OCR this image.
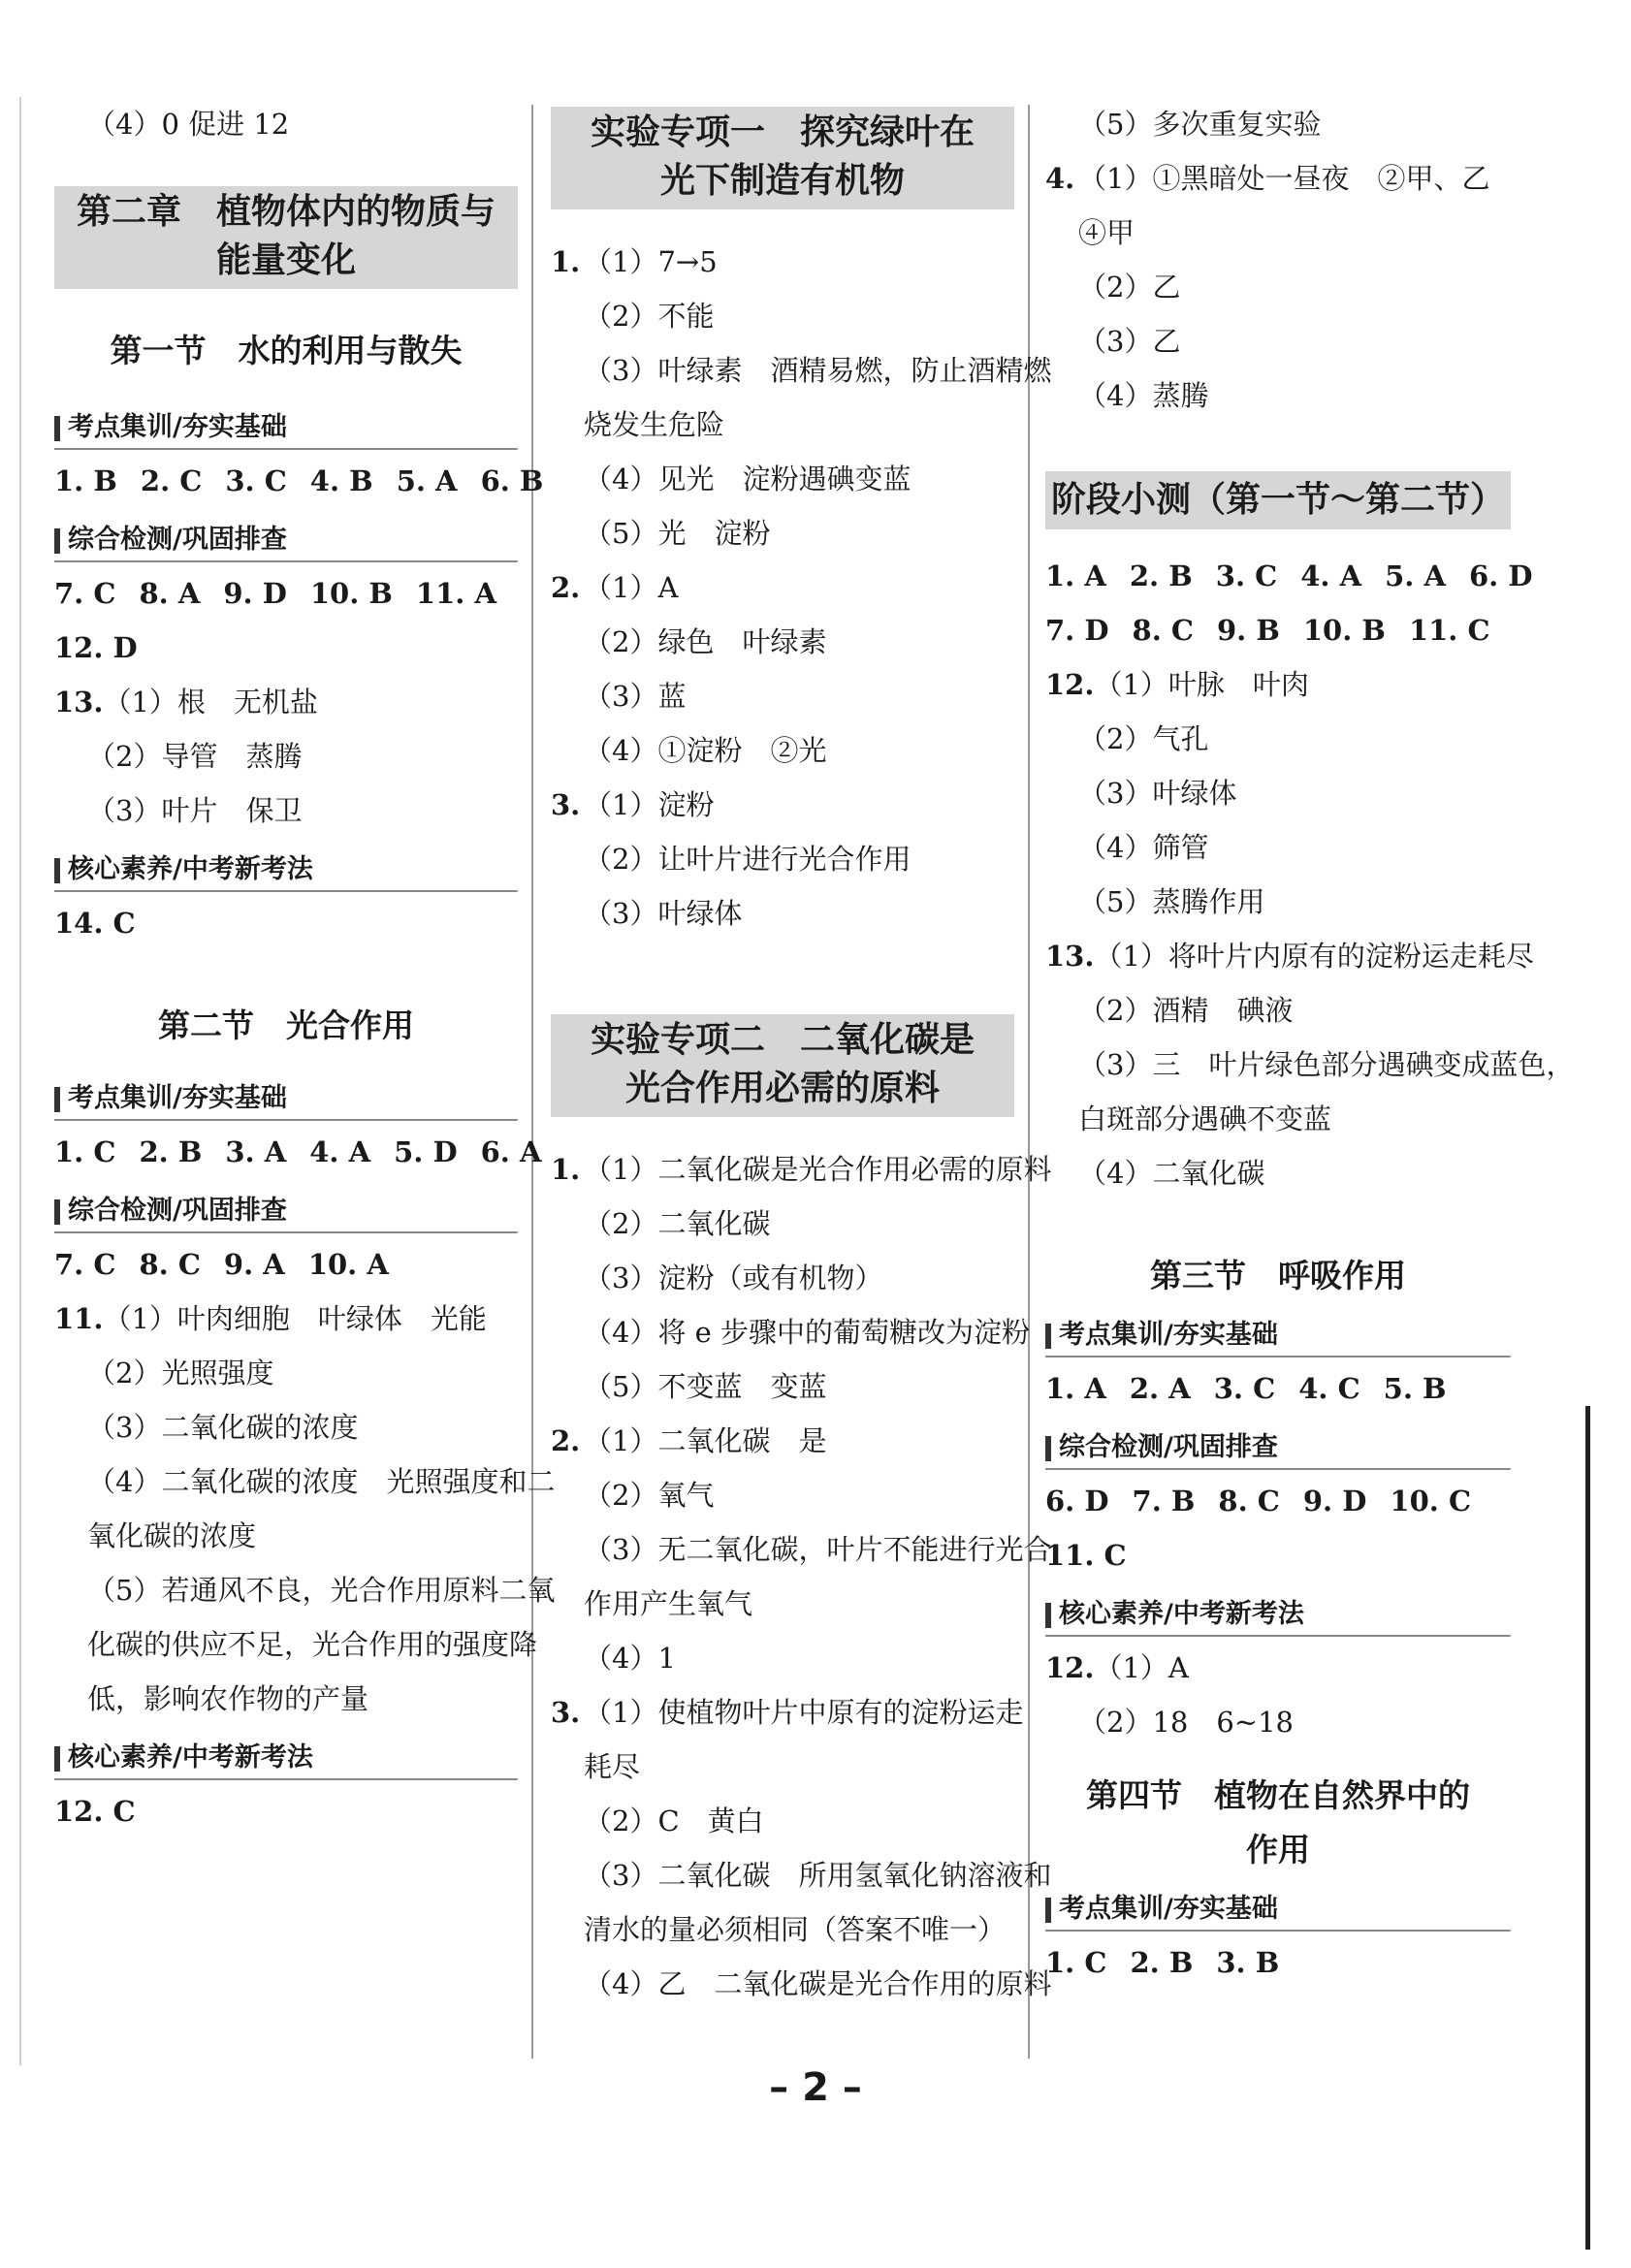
（4）0 促进 12
第二章　植物体内的物质与
能量变化
第一节　水的利用与散失
考点集训/夯实基础
1. B 2. C 3. C 4. B 5. A 6. B
综合检测/巩固排查
7. C 8. A 9. D 10. B 11. A
12. D
13.（1）根　无机盐
（2）导管　蒸腾
（3）叶片　保卫
核心素养/中考新考法
14. C
第二节　光合作用
考点集训/夯实基础
1. C 2. B 3. A 4. A 5. D 6. A
综合检测/巩固排查
7. C 8. C 9. A 10. A
11.（1）叶肉细胞　叶绿体　光能
（2）光照强度
（3）二氧化碳的浓度
（4）二氧化碳的浓度　光照强度和二
氧化碳的浓度
（5）若通风不良，光合作用原料二氧
化碳的供应不足，光合作用的强度降
低，影响农作物的产量
核心素养/中考新考法
12. C
实验专项一　探究绿叶在
光下制造有机物
1. （1）7→5
（2）不能
（3）叶绿素　酒精易燃，防止酒精燃
烧发生危险
（4）见光　淀粉遇碘变蓝
（5）光　淀粉
2. （1）A
（2）绿色　叶绿素
（3）蓝
（4）①淀粉　②光
3. （1）淀粉
（2）让叶片进行光合作用
（3）叶绿体
实验专项二　二氧化碳是
光合作用必需的原料
1. （1）二氧化碳是光合作用必需的原料
（2）二氧化碳
（3）淀粉（或有机物）
（4）将 e 步骤中的葡萄糖改为淀粉
（5）不变蓝　变蓝
2. （1）二氧化碳　是
（2）氧气
（3）无二氧化碳，叶片不能进行光合
作用产生氧气
（4）1
3. （1）使植物叶片中原有的淀粉运走
耗尽
（2）C　黄白
（3）二氧化碳　所用氢氧化钠溶液和
清水的量必须相同（答案不唯一）
（4）乙　二氧化碳是光合作用的原料
（5）多次重复实验
4. （1）①黑暗处一昼夜　②甲、乙
④甲
（2）乙
（3）乙
（4）蒸腾
阶段小测（第一节～第二节）
1. A 2. B 3. C 4. A 5. A 6. D
7. D 8. C 9. B 10. B 11. C
12.（1）叶脉　叶肉
（2）气孔
（3）叶绿体
（4）筛管
（5）蒸腾作用
13.（1）将叶片内原有的淀粉运走耗尽
（2）酒精　碘液
（3）三　叶片绿色部分遇碘变成蓝色，
白斑部分遇碘不变蓝
（4）二氧化碳
第三节　呼吸作用
考点集训/夯实基础
1. A 2. A 3. C 4. C 5. B
综合检测/巩固排查
6. D 7. B 8. C 9. D 10. C
11. C
核心素养/中考新考法
12.（1）A
（2）18　6~18
第四节　植物在自然界中的
作用
考点集训/夯实基础
1. C 2. B 3. B
– 2 –
